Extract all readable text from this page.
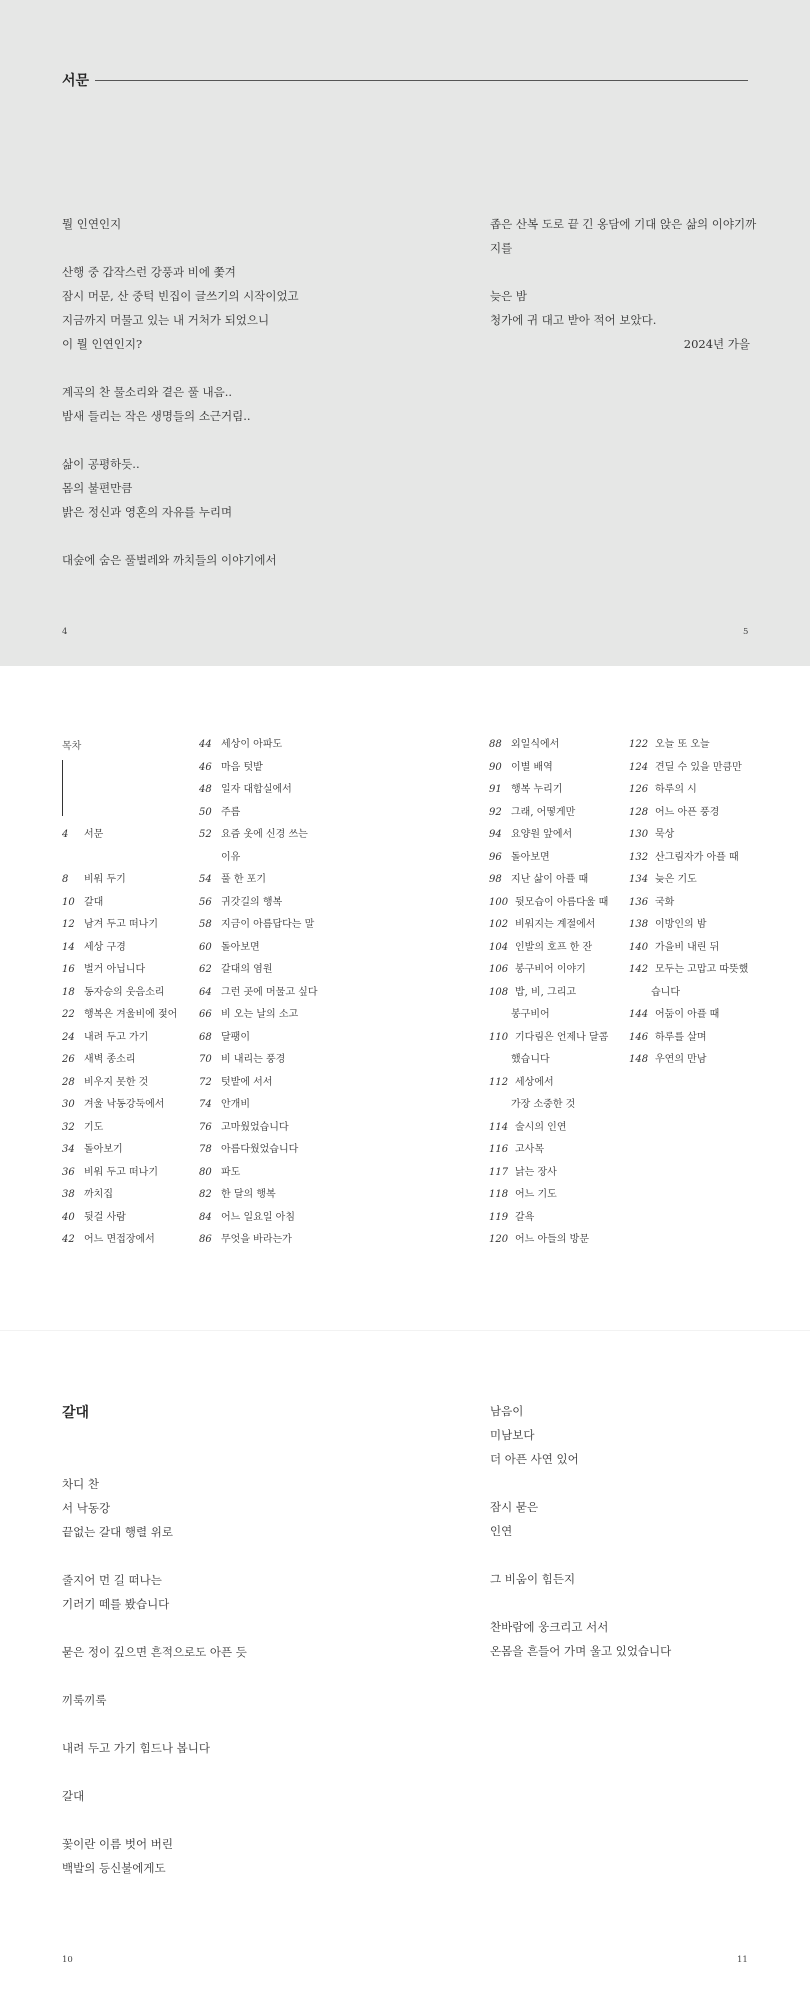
서문
뭘 인연인지
산행 중 갑작스런 강풍과 비에 쫓겨
잠시 머문, 산 중턱 빈집이 글쓰기의 시작이었고
지금까지 머물고 있는 내 거처가 되었으니
이 뭘 인연인지?
계곡의 찬 물소리와 곁은 풀 내음..
밤새 들리는 작은 생명들의 소근거림..
삶이 공평하듯..
몸의 불편만큼
밝은 정신과 영혼의 자유를 누리며
대숲에 숨은 풀벌레와 까치들의 이야기에서
좁은 산복 도로 끝 긴 옹담에 기대 앉은 삶의 이야기까
지를
늦은 밤
청가에 귀 대고 받아 적어 보았다.
2024년 가을
4	5
목차

4	서문

8	비워 두기
10 갈대
12 남겨 두고 떠나기
14 세상 구경
16 벌거 아닙니다
18 동자승의 웃음소리
22 행복은 겨울비에 젖어
24 내려 두고 가기
26 새벽 종소리
28 비우지 못한 것
30 겨울 낙동강둑에서
32 기도
34 돌아보기
36 비워 두고 떠나기
38 까치집
40 뒷걸 사람
42 어느 면접장에서
44 세상이 아파도
46 마음 텃밭
48 일자 대합실에서
50 주름
52 요즘 옷에 신경 쓰는
이유
54 풀 한 포기
56 귀갓길의 행복
58 지금이 아름답다는 말
60 돌아보면
62 갈대의 염원
64 그런 곳에 머물고 싶다
66 비 오는 날의 소고
68 달팽이
70 비 내리는 풍경
72 텃밭에 서서
74 안개비
76 고마웠었습니다
78 아름다웠었습니다
80 파도
82 한 달의 행복
84 어느 일요일 아침
86 무엇을 바라는가
88 외일식에서
90 이별 배역
91 행복 누리기
92 그래, 어떻게만
94 요양원 앞에서
96 돌아보면
98 지난 삶이 아플 때
100 뒷모습이 아름다울 때
102 비워지는 계절에서
104 인발의 호프 한 잔
106 봉구비어 이야기
108 밥, 비, 그리고
봉구비어
110 기다림은 언제나 달콤
했습니다
112 세상에서
가장 소중한 것
114 술시의 인연
116 고사목
117 낡는 장사
118 어느 기도
119 갈욕
120 어느 아들의 방문
122 오늘 또 오늘
124 견딜 수 있을 만큼만
126 하루의 시
128 어느 아픈 풍경
130 묵상
132 산그림자가 아플 때
134 늦은 기도
136 국화
138 이방인의 밤
140 가을비 내린 뒤
142 모두는 고맙고 따뜻했
습니다
144 어둠이 아플 때
146 하루를 살며
148 우연의 만남
갈대
차디 찬
서 낙동강
끝없는 갈대 행렬 위로
줄지어 먼 길 떠나는
기러기 떼를 봤습니다
묻은 정이 깊으면 흔적으로도 아픈 듯
끼룩끼룩
내려 두고 가기 힘드나 봅니다
갈대
꽃이란 이름 벗어 버린
백발의 등신불에게도
남음이
미남보다
더 아픈 사연 있어
잠시 묻은
인연
그 비움이 힘든지
찬바람에 웅크리고 서서
온몸을 흔들어 가며 울고 있었습니다
10	11
